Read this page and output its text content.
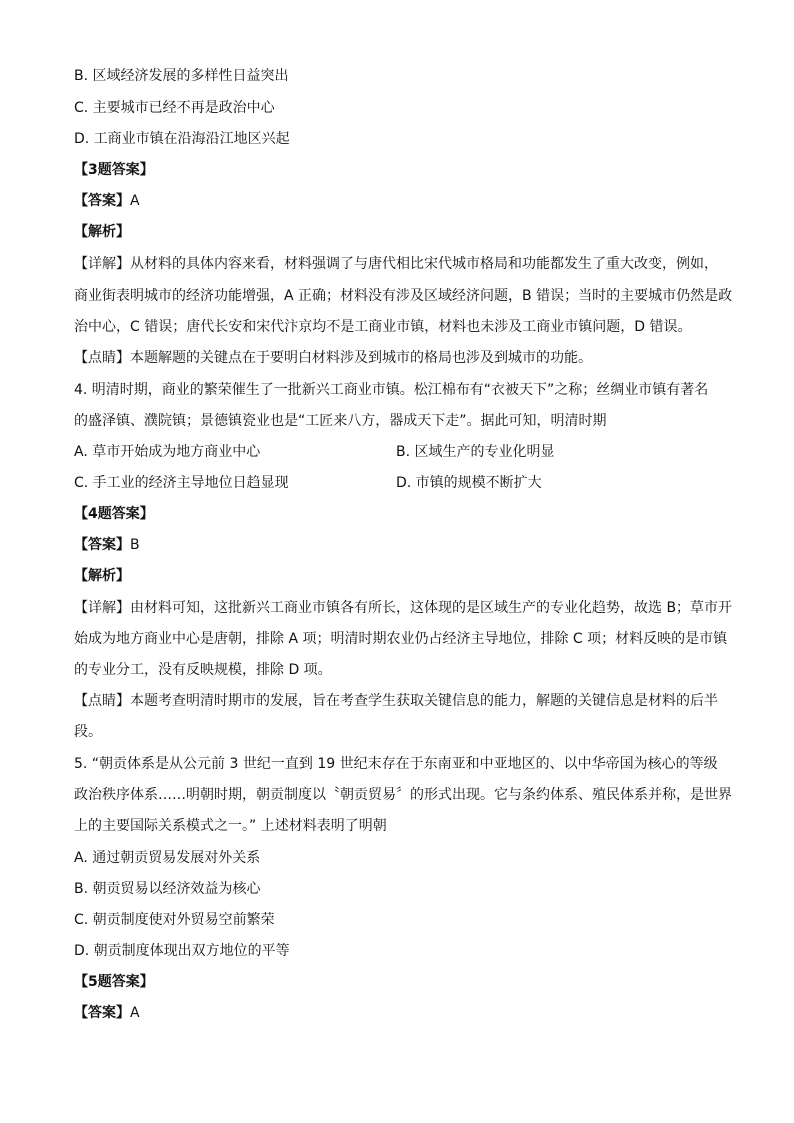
B. 区域经济发展的多样性日益突出
C. 主要城市已经不再是政治中心
D. 工商业市镇在沿海沿江地区兴起
【3题答案】
【答案】A
【解析】
【详解】从材料的具体内容来看，材料强调了与唐代相比宋代城市格局和功能都发生了重大改变，例如，
商业街表明城市的经济功能增强，A 正确；材料没有涉及区域经济问题，B 错误；当时的主要城市仍然是政
治中心，C 错误；唐代长安和宋代汴京均不是工商业市镇，材料也未涉及工商业市镇问题，D 错误。
【点睛】本题解题的关键点在于要明白材料涉及到城市的格局也涉及到城市的功能。
4. 明清时期，商业的繁荣催生了一批新兴工商业市镇。松江棉布有“衣被天下”之称；丝绸业市镇有著名
的盛泽镇、濮院镇；景德镇瓷业也是“工匠来八方，器成天下走”。据此可知，明清时期
A. 草市开始成为地方商业中心	B. 区域生产的专业化明显
C. 手工业的经济主导地位日趋显现	D. 市镇的规模不断扩大
【4题答案】
【答案】B
【解析】
【详解】由材料可知，这批新兴工商业市镇各有所长，这体现的是区域生产的专业化趋势，故选 B；草市开
始成为地方商业中心是唐朝，排除 A 项；明清时期农业仍占经济主导地位，排除 C 项；材料反映的是市镇
的专业分工，没有反映规模，排除 D 项。
【点睛】本题考查明清时期市的发展，旨在考查学生获取关键信息的能力，解题的关键信息是材料的后半
段。
5. “朝贡体系是从公元前 3 世纪一直到 19 世纪末存在于东南亚和中亚地区的、以中华帝国为核心的等级
政治秩序体系……明朝时期，朝贡制度以〝朝贡贸易〞的形式出现。它与条约体系、殖民体系并称，是世界
上的主要国际关系模式之一。” 上述材料表明了明朝
A. 通过朝贡贸易发展对外关系
B. 朝贡贸易以经济效益为核心
C. 朝贡制度使对外贸易空前繁荣
D. 朝贡制度体现出双方地位的平等
【5题答案】
【答案】A
